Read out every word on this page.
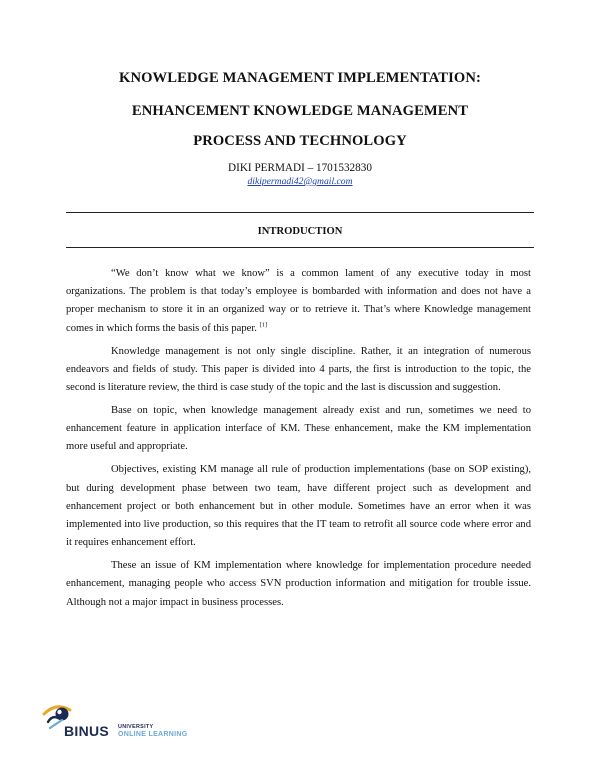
KNOWLEDGE MANAGEMENT IMPLEMENTATION:
ENHANCEMENT KNOWLEDGE MANAGEMENT
PROCESS AND TECHNOLOGY
DIKI PERMADI – 1701532830
dikipermadi42@gmail.com
INTRODUCTION

“We don’t know what we know” is a common lament of any executive today in most organizations. The problem is that today’s employee is bombarded with information and does not have a proper mechanism to store it in an organized way or to retrieve it. That’s where Knowledge management comes in which forms the basis of this paper. [1]

Knowledge management is not only single discipline. Rather, it an integration of numerous endeavors and fields of study. This paper is divided into 4 parts, the first is introduction to the topic, the second is literature review, the third is case study of the topic and the last is discussion and suggestion.

Base on topic, when knowledge management already exist and run, sometimes we need to enhancement feature in application interface of KM. These enhancement, make the KM implementation more useful and appropriate.

Objectives, existing KM manage all rule of production implementations (base on SOP existing), but during development phase between two team, have different project such as development and enhancement project or both enhancement but in other module. Sometimes have an error when it was implemented into live production, so this requires that the IT team to retrofit all source code where error and it requires enhancement effort.

These an issue of KM implementation where knowledge for implementation procedure needed enhancement, managing people who access SVN production information and mitigation for trouble issue. Although not a major impact in business processes.

BINUS UNIVERSITY
ONLINE LEARNING
